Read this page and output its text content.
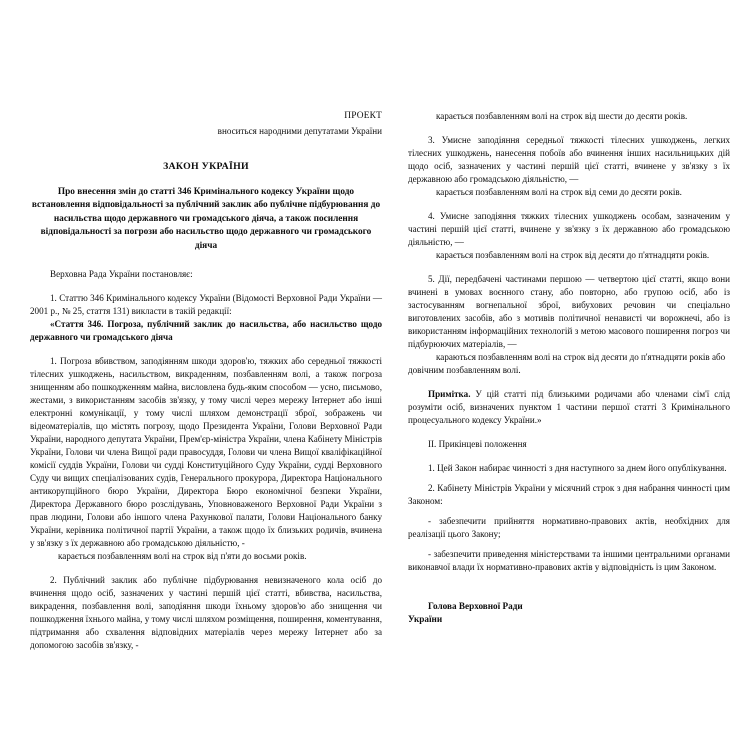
ПРОЕКТ

вноситься народними депутатами України

ЗАКОН УКРАЇНИ

Про внесення змін до статті 346 Кримінального кодексу України щодо встановлення відповідальності за публічний заклик або публічне підбурювання до насильства щодо державного чи громадського діяча, а також посилення відповідальності за погрози або насильство щодо державного чи громадського діяча

Верховна Рада України постановляє:

1. Статтю 346 Кримінального кодексу України (Відомості Верховної Ради України — 2001 р., № 25, стаття 131) викласти в такій редакції:

«Стаття 346. Погроза, публічний заклик до насильства, або насильство щодо державного чи громадського діяча

1. Погроза вбивством, заподіянням шкоди здоров'ю, тяжких або середньої тяжкості тілесних ушкоджень, насильством, викраденням, позбавленням волі, а також погроза знищенням або пошкодженням майна, висловлена будь-яким способом — усно, письмово, жестами, з використанням засобів зв'язку, у тому числі через мережу Інтернет або інші електронні комунікації, у тому числі шляхом демонстрації зброї, зображень чи відеоматеріалів, що містять погрозу, щодо Президента України, Голови Верховної Ради України, народного депутата України, Прем'єр-міністра України, члена Кабінету Міністрів України, Голови чи члена Вищої ради правосуддя, Голови чи члена Вищої кваліфікаційної комісії суддів України, Голови чи судді Конституційного Суду України, судді Верховного Суду чи вищих спеціалізованих судів, Генерального прокурора, Директора Національного антикорупційного бюро України, Директора Бюро економічної безпеки України, Директора Державного бюро розслідувань, Уповноваженого Верховної Ради України з прав людини, Голови або іншого члена Рахункової палати, Голови Національного банку України, керівника політичної партії України, а також щодо їх близьких родичів, вчинена у зв'язку з їх державною або громадською діяльністю, -

карається позбавленням волі на строк від п'яти до восьми років.

2. Публічний заклик або публічне підбурювання невизначеного кола осіб до вчинення щодо осіб, зазначених у частині першій цієї статті, вбивства, насильства, викрадення, позбавлення волі, заподіяння шкоди їхньому здоров'ю або знищення чи пошкодження їхнього майна, у тому числі шляхом розміщення, поширення, коментування, підтримання або схвалення відповідних матеріалів через мережу Інтернет або за допомогою засобів зв'язку, -

карається позбавленням волі на строк від шести до десяти років.

3. Умисне заподіяння середньої тяжкості тілесних ушкоджень, легких тілесних ушкоджень, нанесення побоїв або вчинення інших насильницьких дій щодо осіб, зазначених у частині першій цієї статті, вчинене у зв'язку з їх державною або громадською діяльністю, —

карається позбавленням волі на строк від семи до десяти років.

4. Умисне заподіяння тяжких тілесних ушкоджень особам, зазначеним у частині першій цієї статті, вчинене у зв'язку з їх державною або громадською діяльністю, —

карається позбавленням волі на строк від десяти до п'ятнадцяти років.

5. Дії, передбачені частинами першою — четвертою цієї статті, якщо вони вчинені в умовах воєнного стану, або повторно, або групою осіб, або із застосуванням вогнепальної зброї, вибухових речовин чи спеціально виготовлених засобів, або з мотивів політичної ненависті чи ворожнечі, або із використанням інформаційних технологій з метою масового поширення погроз чи підбурюючих матеріалів, —

караються позбавленням волі на строк від десяти до п'ятнадцяти років або довічним позбавленням волі.

Примітка. У цій статті під близькими родичами або членами сім'ї слід розуміти осіб, визначених пунктом 1 частини першої статті 3 Кримінального процесуального кодексу України.»

II. Прикінцеві положення

1. Цей Закон набирає чинності з дня наступного за днем його опублікування.

2. Кабінету Міністрів України у місячний строк з дня набрання чинності цим Законом:

- забезпечити прийняття нормативно-правових актів, необхідних для реалізації цього Закону;

- забезпечити приведення міністерствами та іншими центральними органами виконавчої влади їх нормативно-правових актів у відповідність із цим Законом.

Голова Верховної Ради
України
